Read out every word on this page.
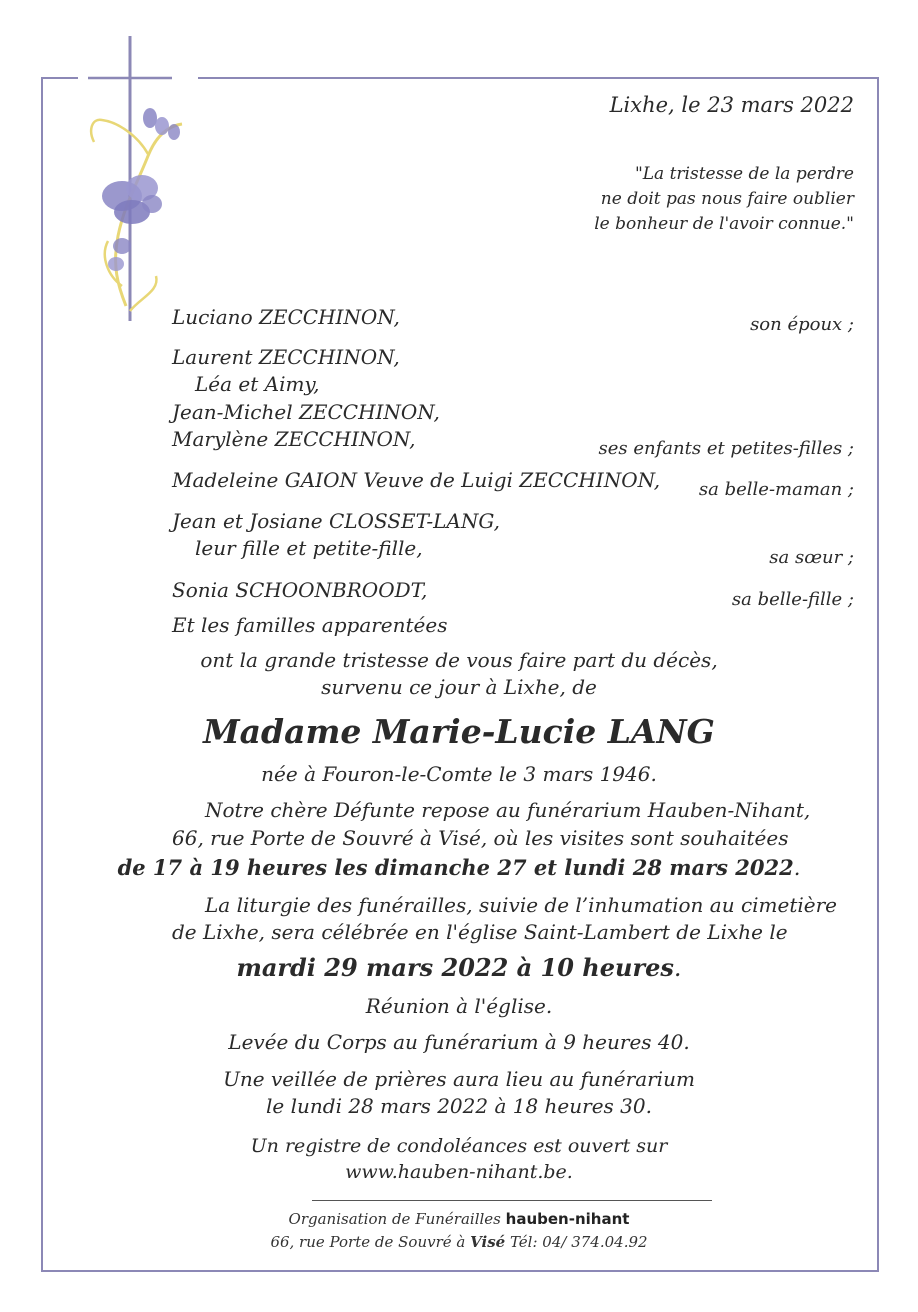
Lixhe, le 23 mars 2022
"La tristesse de la perdre
ne doit pas nous faire oublier
le bonheur de l'avoir connue."
Luciano ZECCHINON,	son époux ;
Laurent ZECCHINON,
Léa et Aimy,
Jean-Michel ZECCHINON,
Marylène ZECCHINON,	ses enfants et petites-filles ;
Madeleine GAION Veuve de Luigi ZECCHINON, sa belle-maman ;
Jean et Josiane CLOSSET-LANG,
leur fille et petite-fille,	sa sœur ;
Sonia SCHOONBROODT,	sa belle-fille ;
Et les familles apparentées
ont la grande tristesse de vous faire part du décès,
survenu ce jour à Lixhe, de
Madame Marie-Lucie LANG
née à Fouron-le-Comte le 3 mars 1946.
Notre chère Défunte repose au funérarium Hauben-Nihant,
66, rue Porte de Souvré à Visé, où les visites sont souhaitées
de 17 à 19 heures les dimanche 27 et lundi 28 mars 2022.
La liturgie des funérailles, suivie de l’inhumation au cimetière
de Lixhe, sera célébrée en l'église Saint-Lambert de Lixhe le
mardi 29 mars 2022 à 10 heures.
Réunion à l'église.
Levée du Corps au funérarium à 9 heures 40.
Une veillée de prières aura lieu au funérarium
le lundi 28 mars 2022 à 18 heures 30.
Un registre de condoléances est ouvert sur
www.hauben-nihant.be.
Organisation de Funérailles hauben-nihant
66, rue Porte de Souvré à Visé Tél: 04/ 374.04.92
